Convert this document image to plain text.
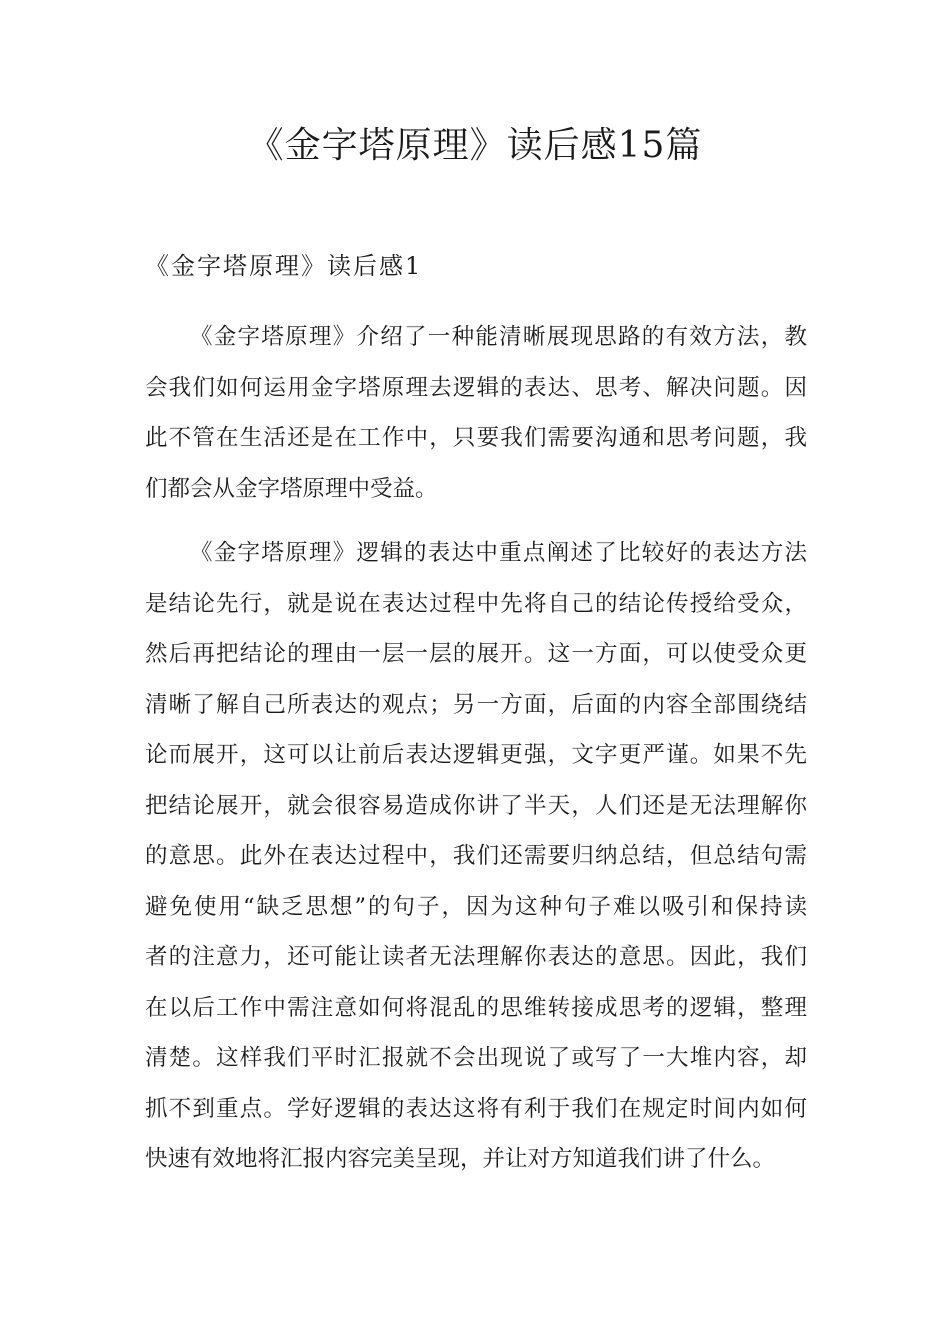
《金字塔原理》读后感15篇
《金字塔原理》读后感1

《金字塔原理》介绍了一种能清晰展现思路的有效方法，教
会我们如何运用金字塔原理去逻辑的表达、思考、解决问题。因
此不管在生活还是在工作中，只要我们需要沟通和思考问题，我
们都会从金字塔原理中受益。

《金字塔原理》逻辑的表达中重点阐述了比较好的表达方法
是结论先行，就是说在表达过程中先将自己的结论传授给受众，
然后再把结论的理由一层一层的展开。这一方面，可以使受众更
清晰了解自己所表达的观点；另一方面，后面的内容全部围绕结
论而展开，这可以让前后表达逻辑更强，文字更严谨。如果不先
把结论展开，就会很容易造成你讲了半天，人们还是无法理解你
的意思。此外在表达过程中，我们还需要归纳总结，但总结句需
避免使用“缺乏思想”的句子，因为这种句子难以吸引和保持读
者的注意力，还可能让读者无法理解你表达的意思。因此，我们
在以后工作中需注意如何将混乱的思维转接成思考的逻辑，整理
清楚。这样我们平时汇报就不会出现说了或写了一大堆内容，却
抓不到重点。学好逻辑的表达这将有利于我们在规定时间内如何
快速有效地将汇报内容完美呈现，并让对方知道我们讲了什么。
